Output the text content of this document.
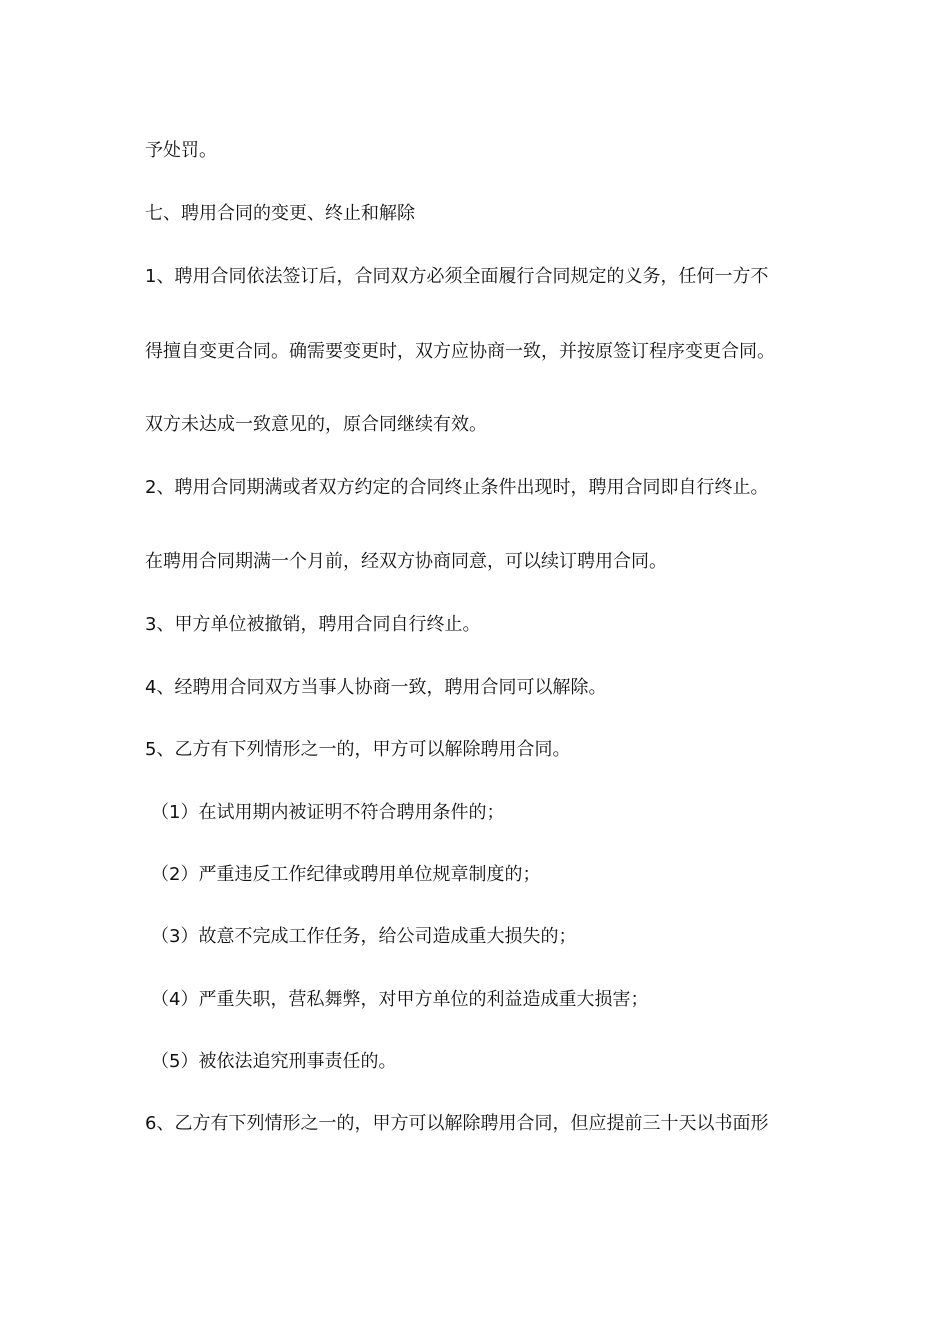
予处罚。
七、聘用合同的变更、终止和解除
1、聘用合同依法签订后，合同双方必须全面履行合同规定的义务，任何一方不
得擅自变更合同。确需要变更时，双方应协商一致，并按原签订程序变更合同。
双方未达成一致意见的，原合同继续有效。
2、聘用合同期满或者双方约定的合同终止条件出现时，聘用合同即自行终止。
在聘用合同期满一个月前，经双方协商同意，可以续订聘用合同。
3、甲方单位被撤销，聘用合同自行终止。
4、经聘用合同双方当事人协商一致，聘用合同可以解除。
5、乙方有下列情形之一的，甲方可以解除聘用合同。
（1）在试用期内被证明不符合聘用条件的；
（2）严重违反工作纪律或聘用单位规章制度的；
（3）故意不完成工作任务，给公司造成重大损失的；
（4）严重失职，营私舞弊，对甲方单位的利益造成重大损害；
（5）被依法追究刑事责任的。
6、乙方有下列情形之一的，甲方可以解除聘用合同，但应提前三十天以书面形
